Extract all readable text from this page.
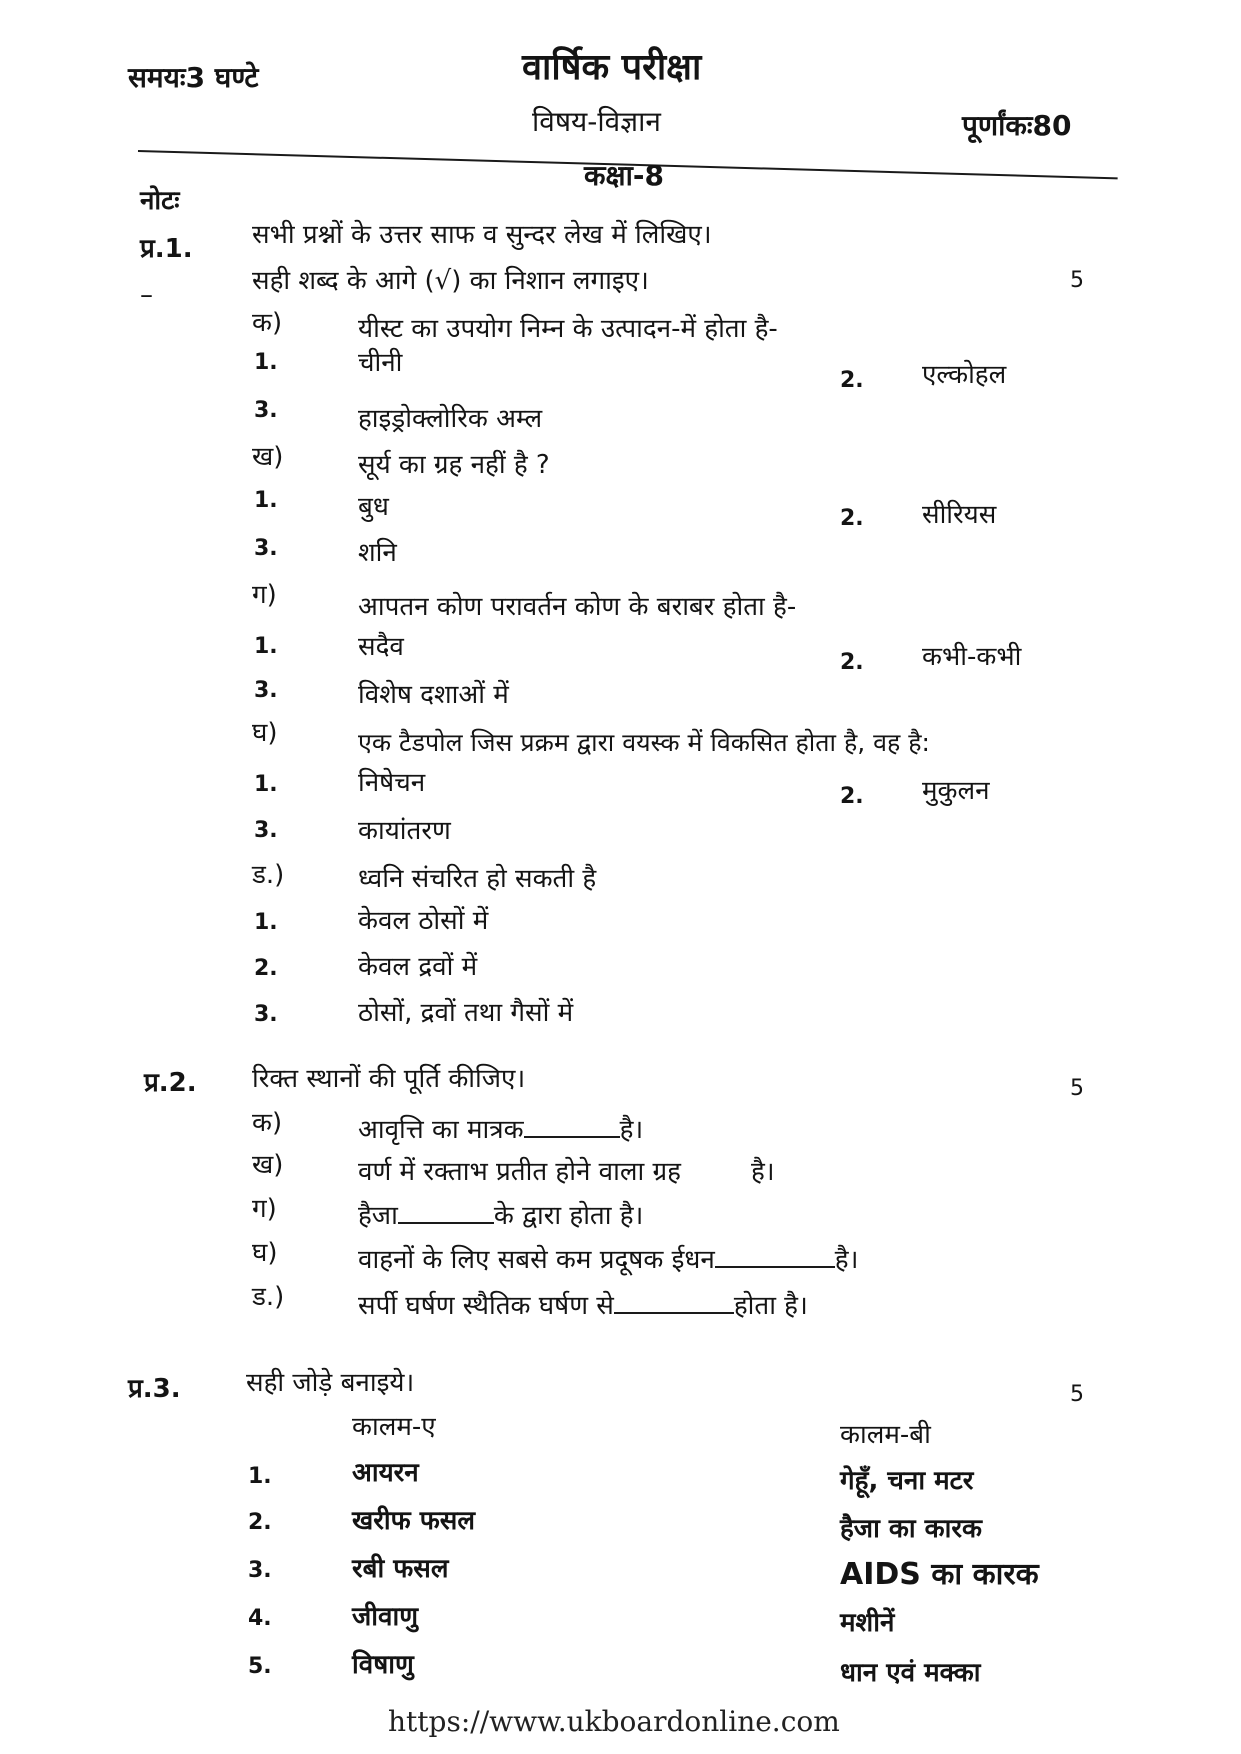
समयः3 घण्टे	वार्षिक परीक्षा
विषय-विज्ञान	पूर्णांकः80
कक्षा-8
नोटः
सभी प्रश्नों के उत्तर साफ व सुन्दर लेख में लिखिए।
प्र.1.
सही शब्द के आगे (√) का निशान लगाइए।	5
–
क)	यीस्ट का उपयोग निम्न के उत्पादन-में होता है-
1.	चीनी
2. एल्कोहल
3.	हाइड्रोक्लोरिक अम्ल
ख)	सूर्य का ग्रह नहीं है ?
1.	बुध	2. सीरियस
3.	शनि
ग)	आपतन कोण परावर्तन कोण के बराबर होता है-
1.	सदैव
2. कभी-कभी
3.	विशेष दशाओं में
घ)	एक टैडपोल जिस प्रक्रम द्वारा वयस्क में विकसित होता है, वह है:
1.	निषेचन	2. मुकुलन
3.	कायांतरण
ड.)	ध्वनि संचरित हो सकती है
1.	केवल ठोसों में
2.	केवल द्रवों में
3.	ठोसों, द्रवों तथा गैसों में
प्र.2. रिक्त स्थानों की पूर्ति कीजिए।	5
क)	आवृत्ति का मात्रक	है।
ख)	वर्ण में रक्ताभ प्रतीत होने वाला ग्रह	है।
ग)	हैजा	के द्वारा होता है।
घ)	वाहनों के लिए सबसे कम प्रदूषक ईधन	है।
ड.)	सर्पी घर्षण स्थैतिक घर्षण से	होता है।
प्र.3.	सही जोड़े बनाइये।	5
कालम-ए	कालम-बी
1.	आयरन	गेहूँ, चना मटर
2.	खरीफ फसल	हैजा का कारक
3.	रबी फसल	AIDS का कारक
4.	जीवाणु	मशीनें
5.	विषाणु	धान एवं मक्का
https://www.ukboardonline.com
